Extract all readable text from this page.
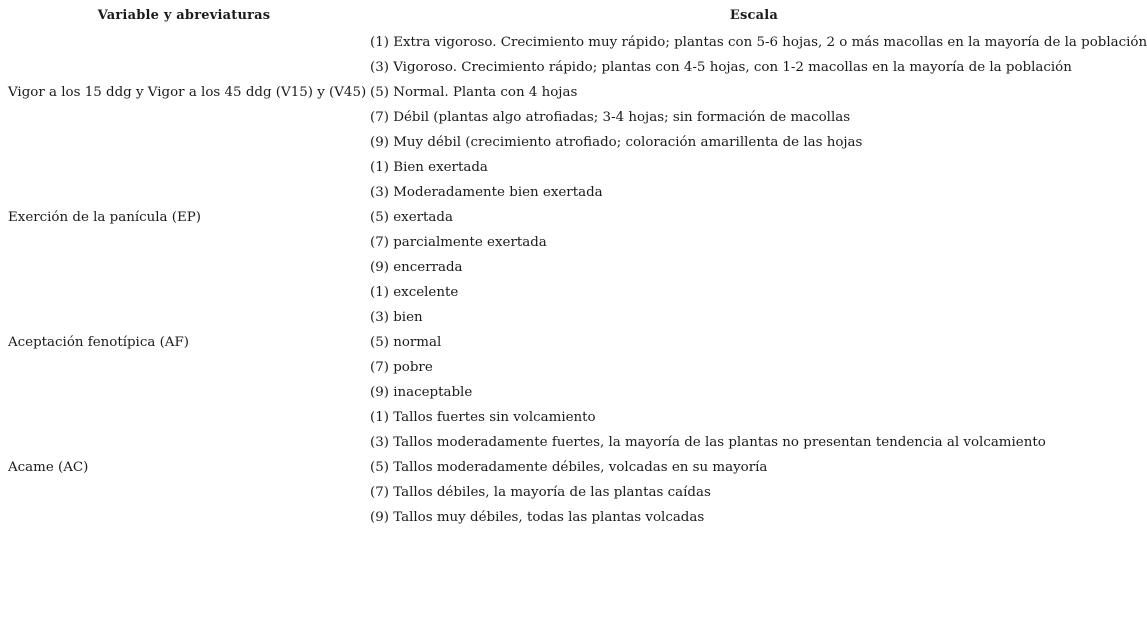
Variable y abreviaturas	Escala
Vigor a los 15 ddg y Vigor a los 45 ddg (V15) y (V45)
(1) Extra vigoroso. Crecimiento muy rápido; plantas con 5-6 hojas, 2 o más macollas en la mayoría de la población
(3) Vigoroso. Crecimiento rápido; plantas con 4-5 hojas, con 1-2 macollas en la mayoría de la población
(5) Normal. Planta con 4 hojas
(7) Débil (plantas algo atrofiadas; 3-4 hojas; sin formación de macollas
(9) Muy débil (crecimiento atrofiado; coloración amarillenta de las hojas
Exerción de la panícula (EP)
(1) Bien exertada
(3) Moderadamente bien exertada
(5) exertada
(7) parcialmente exertada
(9) encerrada
Aceptación fenotípica (AF)
(1) excelente
(3) bien
(5) normal
(7) pobre
(9) inaceptable
Acame (AC)
(1) Tallos fuertes sin volcamiento
(3) Tallos moderadamente fuertes, la mayoría de las plantas no presentan tendencia al volcamiento
(5) Tallos moderadamente débiles, volcadas en su mayoría
(7) Tallos débiles, la mayoría de las plantas caídas
(9) Tallos muy débiles, todas las plantas volcadas
